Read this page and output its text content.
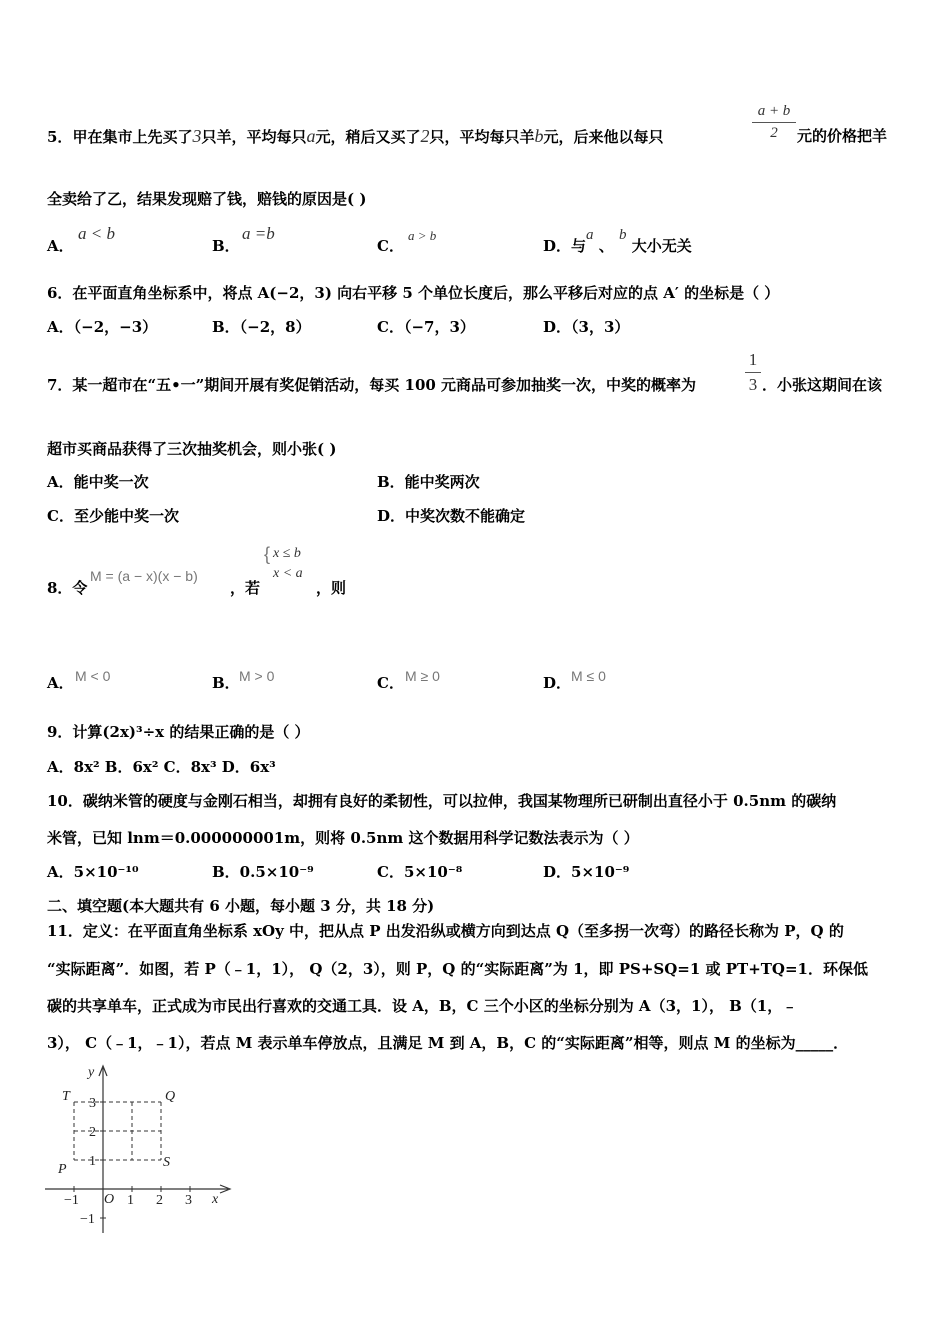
5．甲在集市上先买了3只羊，平均每只a元，稍后又买了2只，平均每只羊b元，后来他以每只
a + b
2	元的价格把羊
全卖给了乙，结果发现赔了钱，赔钱的原因是( )
A．
a < b
B．
a =b
C．
a > b
D．与a 、 b 大小无关
6．在平面直角坐标系中，将点 A(−2，3) 向右平移 5 个单位长度后，那么平移后对应的点 A′ 的坐标是（ ）
A．（−2，−3）	B．（−2，8）	C．（−7，3）	D．（3，3）
7．某一超市在“五•一”期间开展有奖促销活动，每买 100 元商品可参加抽奖一次，中奖的概率为
1
3 ．小张这期间在该
超市买商品获得了三次抽奖机会，则小张( )
A．能中奖一次	B．能中奖两次
C．至少能中奖一次	D．中奖次数不能确定
8．令
M = (a − x)(x − b)
，若
{ x ≤ b
x < a
，则
A． M < 0	B． M > 0	C． M ≥ 0	D． M ≤ 0
9．计算(2x)³÷x 的结果正确的是（ ）
A．8x² B．6x² C．8x³ D．6x³
10．碳纳米管的硬度与金刚石相当，却拥有良好的柔韧性，可以拉伸，我国某物理所已研制出直径小于 0.5nm 的碳纳
米管，已知 lnm＝0.000000001m，则将 0.5nm 这个数据用科学记数法表示为（ ）
A．5×10⁻¹⁰	B．0.5×10⁻⁹	C．5×10⁻⁸	D．5×10⁻⁹
二、填空题(本大题共有 6 小题，每小题 3 分，共 18 分)
11．定义：在平面直角坐标系 xOy 中，把从点 P 出发沿纵或横方向到达点 Q（至多拐一次弯）的路径长称为 P，Q 的
“实际距离”．如图，若 P（﹣1，1）， Q（2，3），则 P，Q 的“实际距离”为 1，即 PS+SQ=1 或 PT+TQ=1．环保低
碳的共享单车，正式成为市民出行喜欢的交通工具．设 A，B，C 三个小区的坐标分别为 A（3，1）， B（1，﹣
3）， C（﹣1，﹣1），若点 M 表示单车停放点，且满足 M 到 A，B，C 的“实际距离”相等，则点 M 的坐标为_____．
y
x
O
−1	1 2 3
3
2
1
−1
T	Q
P	S
